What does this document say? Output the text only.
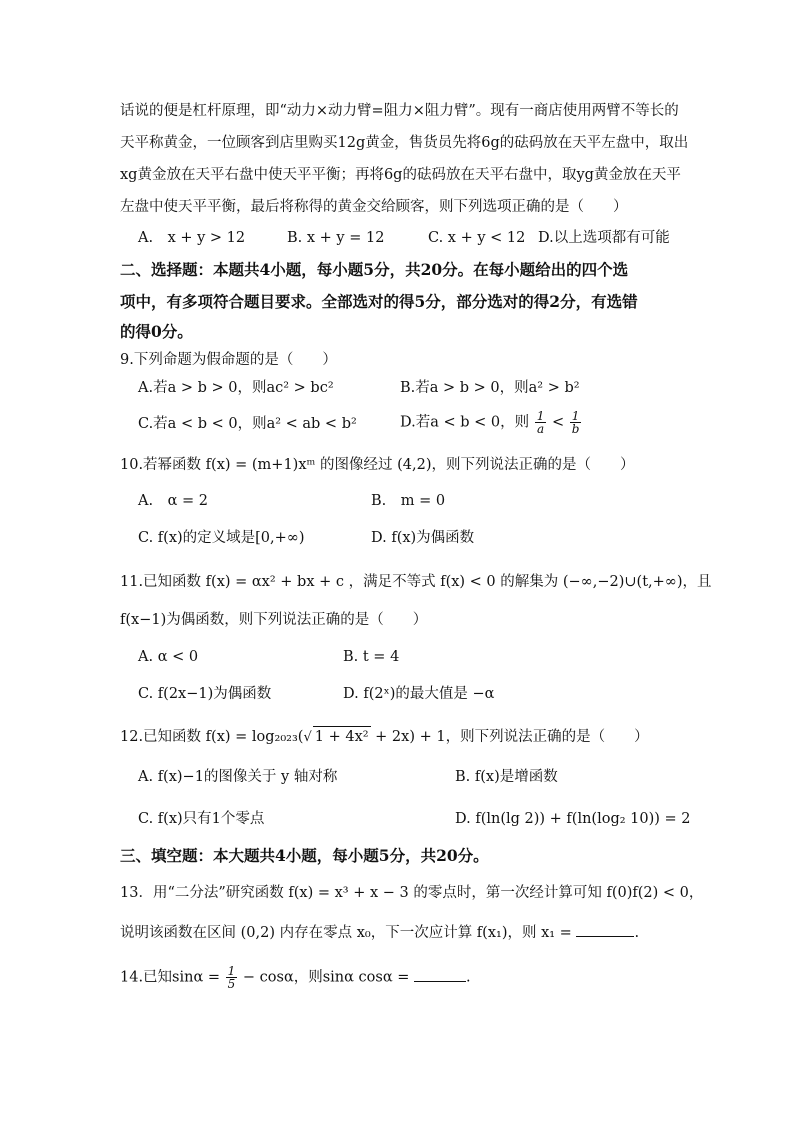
话说的便是杠杆原理，即“动力×动力臂=阻力×阻力臂”。现有一商店使用两臂不等长的
天平称黄金，一位顾客到店里购买12g黄金，售货员先将6g的砝码放在天平左盘中，取出
xg黄金放在天平右盘中使天平平衡；再将6g的砝码放在天平右盘中，取yg黄金放在天平
左盘中使天平平衡，最后将称得的黄金交给顾客，则下列选项正确的是（　　）
A.　x + y > 12	B. x + y = 12	C. x + y < 12 D.以上选项都有可能
二、选择题：本题共4小题，每小题5分，共20分。在每小题给出的四个选
项中，有多项符合题目要求。全部选对的得5分，部分选对的得2分，有选错
的得0分。
9.下列命题为假命题的是（　　）
A.若a > b > 0，则ac² > bc²	B.若a > b > 0，则a² > b²
C.若a < b < 0，则a² < ab < b²	D.若a < b < 0，则 $\frac{1}{a} < \frac{1}{b}$
10.若幂函数 f(x) = (m+1)xᵐ 的图像经过 (4,2)，则下列说法正确的是（　　）
A.　α = 2	B.　m = 0
C. f(x)的定义域是[0,+∞)	D. f(x)为偶函数
11.已知函数 f(x) = αx² + bx + c ，满足不等式 f(x) < 0 的解集为 (−∞,−2)∪(t,+∞)，且
f(x−1)为偶函数，则下列说法正确的是（　　）
A. α < 0	B. t = 4
C. f(2x−1)为偶函数	D. f(2ˣ)的最大值是 −α
12.已知函数 f(x) = log₂₀₂₃(√ 1 + 4x² + 2x) + 1，则下列说法正确的是（　　）
A. f(x)−1的图像关于 y 轴对称	B. f(x)是增函数
C. f(x)只有1个零点	D. f(ln(lg 2)) + f(ln(log₂ 10)) = 2
三、填空题：本大题共4小题，每小题5分，共20分。
13．用“二分法”研究函数 f(x) = x³ + x − 3 的零点时，第一次经计算可知 f(0)f(2) < 0，
说明该函数在区间 (0,2) 内存在零点 x₀，下一次应计算 f(x₁)，则 x₁ =	.
14.已知$\sin\alpha = \frac{1}{5} - \cos\alpha$，则sinα cosα =	.
